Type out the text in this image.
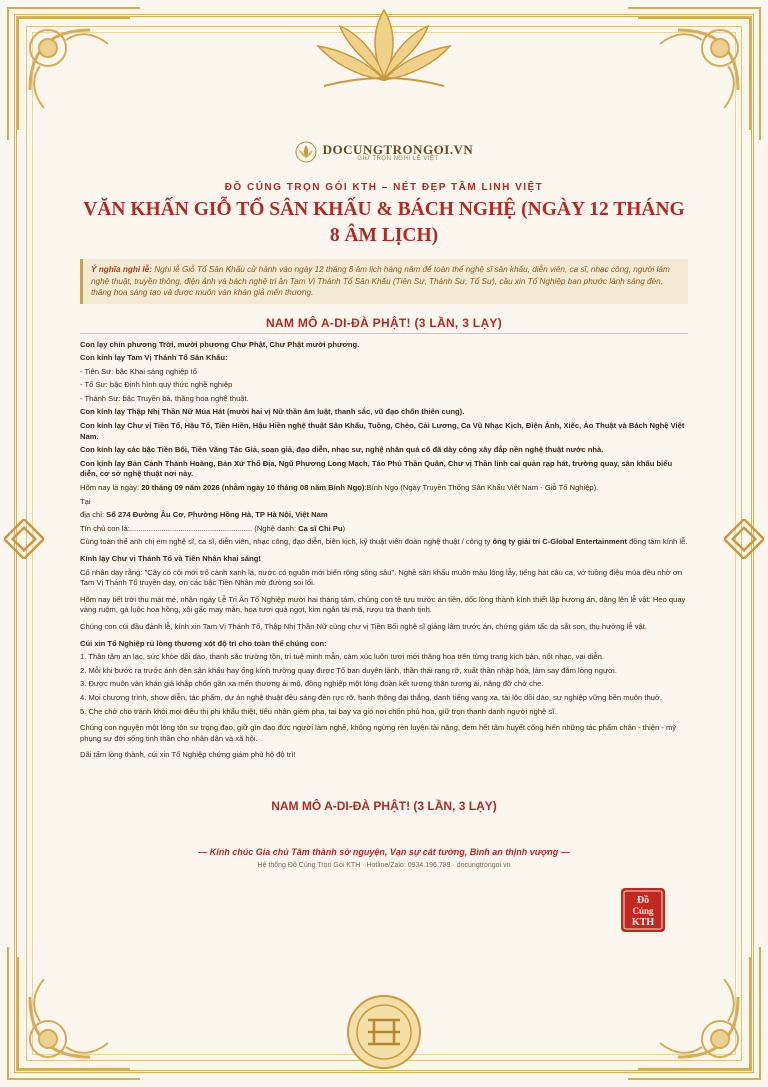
DOCUNGTRONGOI.VN
GIỮ TRỌN NGHI LỄ VIỆT
ĐỒ CÚNG TRỌN GÓI KTH – NÉT ĐẸP TÂM LINH VIỆT
VĂN KHẤN GIỖ TỔ SÂN KHẤU & BÁCH NGHỆ (NGÀY 12 THÁNG 8 ÂM LỊCH)
Ý nghĩa nghi lễ: Nghi lễ Giỗ Tổ Sân Khấu cử hành vào ngày 12 tháng 8 âm lịch hàng năm để toàn thể nghệ sĩ sân khấu, diễn viên, ca sĩ, nhạc công, người làm nghệ thuật, truyền thông, điện ảnh và bách nghệ tri ân Tam Vị Thánh Tổ Sân Khấu (Tiên Sư, Thánh Sư, Tổ Sư), cầu xin Tổ Nghiệp ban phước lành sáng đèn, thăng hoa sáng tạo và được muôn vàn khán giả mến thương.
NAM MÔ A-DI-ĐÀ PHẬT! (3 LẦN, 3 LẠY)

Con lạy chín phương Trời, mười phương Chư Phật, Chư Phật mười phương.

Con kính lạy Tam Vị Thánh Tổ Sân Khấu:

- Tiên Sư: bậc Khai sáng nghiệp tổ

- Tổ Sư: bậc Định hình quy thức nghề nghiệp

- Thánh Sư: bậc Truyền bá, thăng hoa nghệ thuật.

Con kính lạy Thập Nhị Thần Nữ Múa Hát (mười hai vị Nữ thần âm luật, thanh sắc, vũ đạo chốn thiên cung).

Con kính lạy Chư vị Tiền Tổ, Hậu Tổ, Tiền Hiền, Hậu Hiền nghệ thuật Sân Khấu, Tuồng, Chèo, Cải Lương, Ca Vũ Nhạc Kịch, Điện Ảnh, Xiếc, Ảo Thuật và Bách Nghệ Việt Nam.

Con kính lạy các bậc Tiền Bối, Tiền Vãng Tác Giả, soạn giả, đạo diễn, nhạc sư, nghệ nhân quá cố đã dày công xây đắp nền nghệ thuật nước nhà.

Con kính lạy Bản Cảnh Thành Hoàng, Bản Xứ Thổ Địa, Ngũ Phương Long Mạch, Táo Phủ Thần Quân, Chư vị Thần linh cai quản rạp hát, trường quay, sân khấu biểu diễn, cơ sở nghệ thuật nơi này.

Hôm nay là ngày: 20 tháng 09 năm 2026 (nhằm ngày 10 tháng 08 năm Bính Ngọ):Bính Ngọ (Ngày Truyền Thống Sân Khấu Việt Nam - Giỗ Tổ Nghiệp).

Tại

địa chỉ: Số 274 Đường Âu Cơ, Phường Hồng Hà, TP Hà Nội, Việt Nam

Tín chủ con là:.......................................................... (Nghệ danh: Ca sĩ Chi Pu)

Cùng toàn thể anh chị em nghệ sĩ, ca sĩ, diễn viên, nhạc công, đạo diễn, biên kịch, kỹ thuật viên đoàn nghệ thuật / công ty ông ty giải trí C-Global Entertainment đồng tâm kính lễ.

Kính lạy Chư vị Thánh Tổ và Tiền Nhân khai sáng!

Cổ nhân dạy rằng: "Cây có cội mới trổ cành xanh lá, nước có nguồn mới biển rộng sông sâu". Nghề sân khấu muôn màu lộng lẫy, tiếng hát câu ca, vở tuồng điệu múa đều nhờ ơn Tam Vị Thánh Tổ truyền dạy, ơn các bậc Tiền Nhân mở đường soi lối.

Hôm nay tiết trời thu mát mẻ, nhân ngày Lễ Tri Ân Tổ Nghiệp mười hai tháng tám, chúng con tề tựu trước án tiền, dốc lòng thành kính thiết lập hương án, dâng lên lễ vật: Heo quay vàng ruộm, gà luộc hoa hồng, xôi gấc may mắn, hoa tươi quả ngọt, kim ngân tài mã, rượu trà thanh tịnh.

Chúng con cúi đầu đảnh lễ, kính xin Tam Vị Thánh Tổ, Thập Nhị Thần Nữ cùng chư vị Tiền Bối nghệ sĩ giáng lâm trước án, chứng giám tấc dạ sắt son, thụ hưởng lễ vật.

Cúi xin Tổ Nghiệp rủ lòng thương xót độ trì cho toàn thể chúng con:

1. Thân tâm an lạc, sức khỏe dồi dào, thanh sắc trường tồn, trí tuệ minh mẫn, cảm xúc luôn tươi mới thăng hoa trên từng trang kịch bản, nốt nhạc, vai diễn.

2. Mỗi khi bước ra trước ánh đèn sân khấu hay ống kính trường quay được Tổ ban duyên lành, thần thái rạng rỡ, xuất thần nhập hóa, làm say đắm lòng người.

3. Được muôn vàn khán giả khắp chốn gần xa mến thương ái mộ, đồng nghiệp một lòng đoàn kết tương thân tương ái, nâng đỡ chở che.

4. Mọi chương trình, show diễn, tác phẩm, dự án nghệ thuật đều sáng đèn rực rỡ, hanh thông đại thắng, danh tiếng vang xa, tài lộc dồi dào, sự nghiệp vững bền muôn thuở.

5. Che chở cho tránh khỏi mọi điều thị phi khẩu thiệt, tiểu nhân giém pha, tai bay vạ gió nơi chốn phù hoa, giữ trọn thanh danh người nghệ sĩ.

Chúng con nguyện một lòng tôn sư trọng đạo, giữ gìn đạo đức người làm nghề, không ngừng rèn luyện tài năng, đem hết tâm huyết cống hiến những tác phẩm chân - thiện - mỹ phụng sự đời sống tinh thần cho nhân dân và xã hội.

Dãi tấm lòng thành, cúi xin Tổ Nghiệp chứng giám phù hộ độ trì!

NAM MÔ A-DI-ĐÀ PHẬT! (3 LẦN, 3 LẠY)
— Kính chúc Gia chủ Tâm thành sở nguyện, Vạn sự cát tường, Bình an thịnh vượng —
Hệ thống Đồ Cúng Trọn Gói KTH · Hotline/Zalo: 0934.196.789 · docungtrongoi.vn
Đồ
Cúng
KTH
